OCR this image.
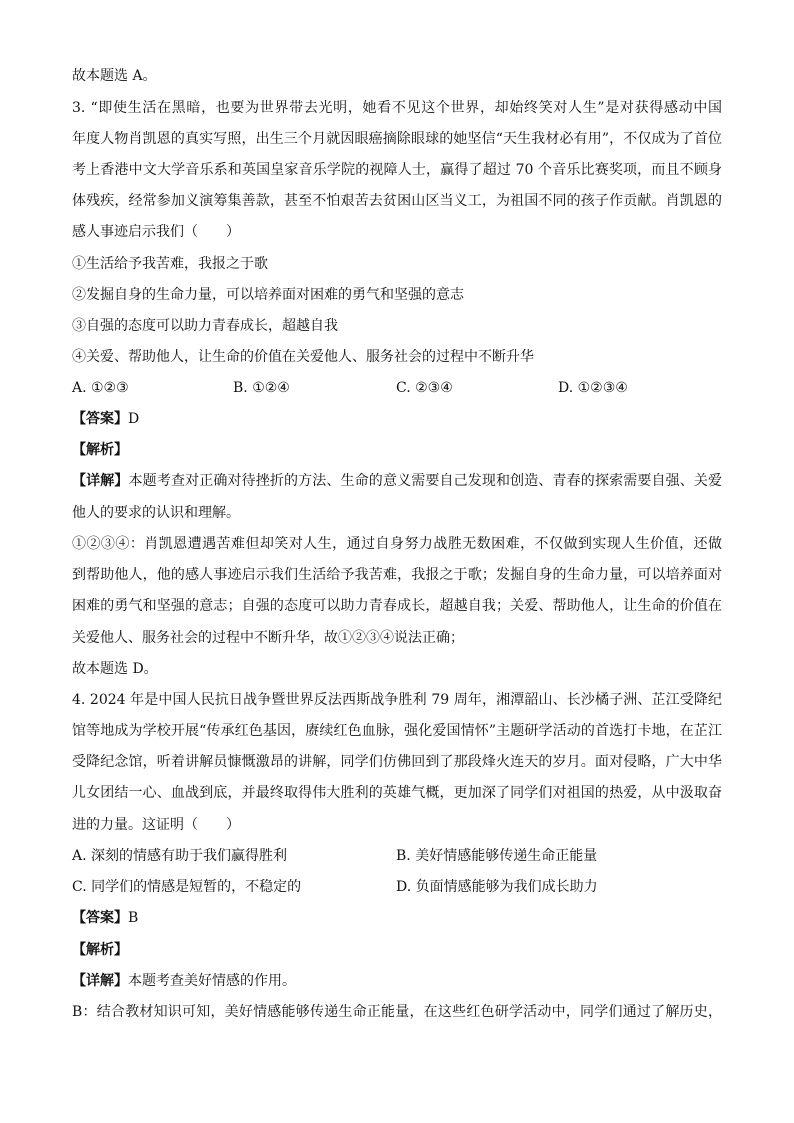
故本题选 A。
3. “即使生活在黑暗，也要为世界带去光明，她看不见这个世界，却始终笑对人生”是对获得感动中国
年度人物肖凯恩的真实写照，出生三个月就因眼癌摘除眼球的她坚信“天生我材必有用”，不仅成为了首位
考上香港中文大学音乐系和英国皇家音乐学院的视障人士，赢得了超过 70 个音乐比赛奖项，而且不顾身
体残疾，经常参加义演筹集善款，甚至不怕艰苦去贫困山区当义工，为祖国不同的孩子作贡献。肖凯恩的
感人事迹启示我们（　　）
①生活给予我苦难，我报之于歌
②发掘自身的生命力量，可以培养面对困难的勇气和坚强的意志
③自强的态度可以助力青春成长，超越自我
④关爱、帮助他人，让生命的价值在关爱他人、服务社会的过程中不断升华
A. ①②③	B. ①②④	C. ②③④	D. ①②③④
【答案】D
【解析】
【详解】本题考查对正确对待挫折的方法、生命的意义需要自己发现和创造、青春的探索需要自强、关爱
他人的要求的认识和理解。
①②③④：肖凯恩遭遇苦难但却笑对人生，通过自身努力战胜无数困难，不仅做到实现人生价值，还做
到帮助他人，他的感人事迹启示我们生活给予我苦难，我报之于歌；发掘自身的生命力量，可以培养面对
困难的勇气和坚强的意志；自强的态度可以助力青春成长，超越自我；关爱、帮助他人，让生命的价值在
关爱他人、服务社会的过程中不断升华，故①②③④说法正确；
故本题选 D。
4. 2024 年是中国人民抗日战争暨世界反法西斯战争胜利 79 周年，湘潭韶山、长沙橘子洲、芷江受降纪
馆等地成为学校开展“传承红色基因，赓续红色血脉，强化爱国情怀”主题研学活动的首选打卡地，在芷江
受降纪念馆，听着讲解员慷慨激昂的讲解，同学们仿佛回到了那段烽火连天的岁月。面对侵略，广大中华
儿女团结一心、血战到底，并最终取得伟大胜利的英雄气概，更加深了同学们对祖国的热爱，从中汲取奋
进的力量。这证明（　　）
A. 深刻的情感有助于我们赢得胜利	B. 美好情感能够传递生命正能量
C. 同学们的情感是短暂的，不稳定的	D. 负面情感能够为我们成长助力
【答案】B
【解析】
【详解】本题考查美好情感的作用。
B：结合教材知识可知，美好情感能够传递生命正能量，在这些红色研学活动中，同学们通过了解历史，
